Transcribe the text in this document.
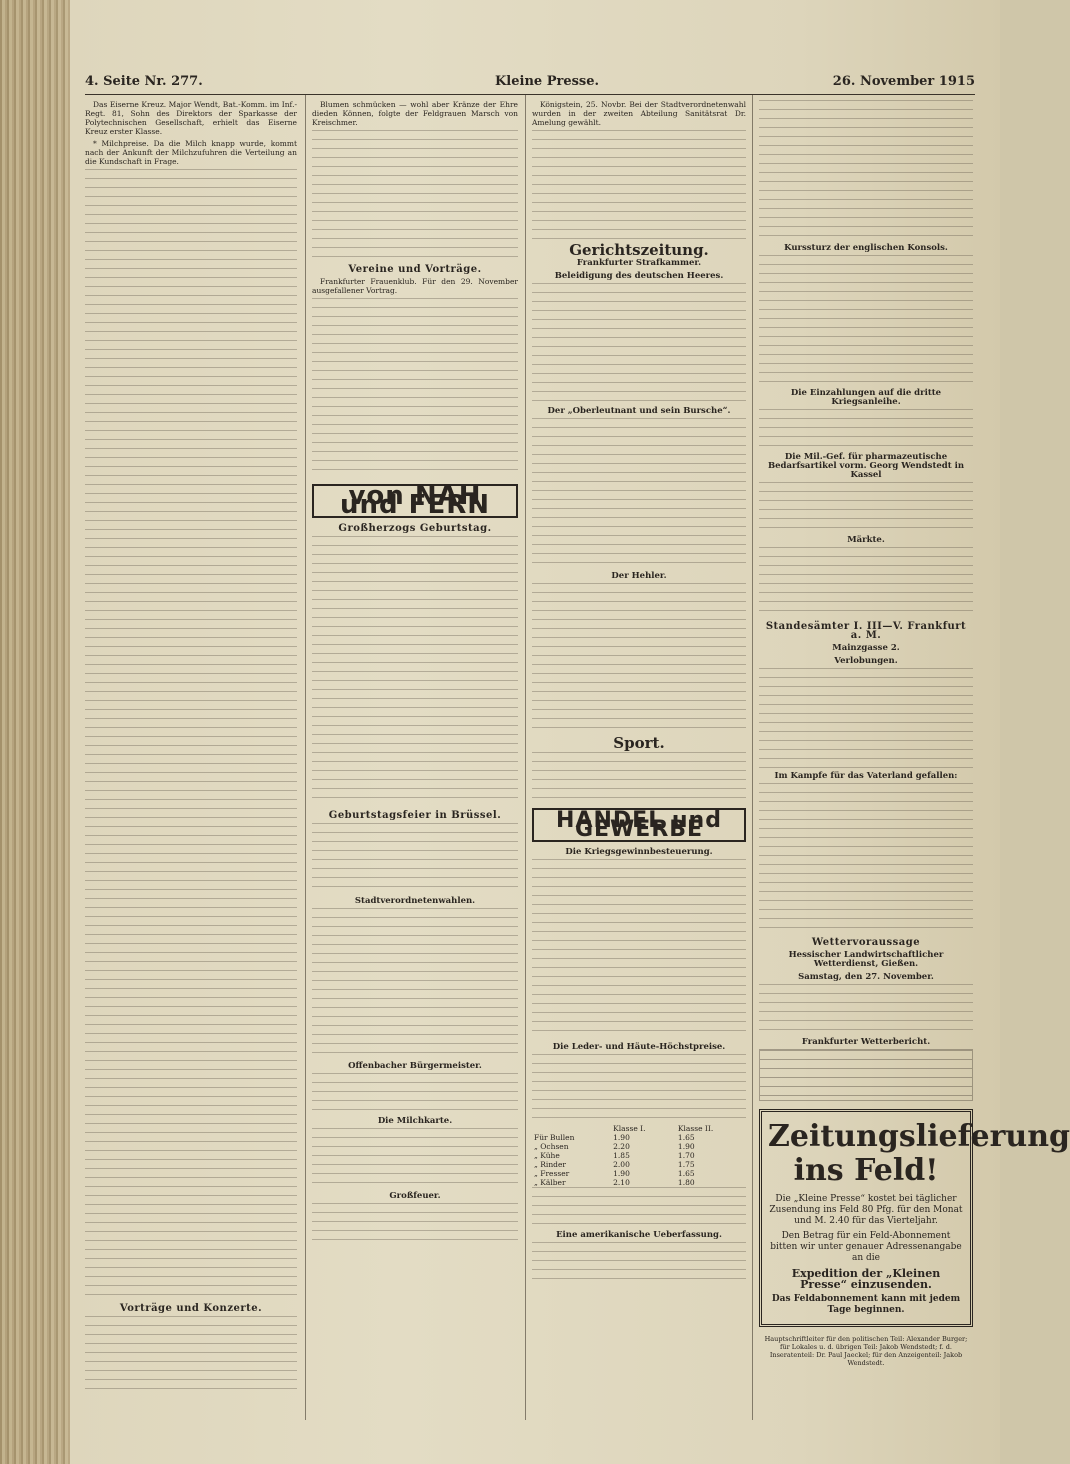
4. Seite Nr. 277.	Kleine Presse.	26. November 1915

Das Eiserne Kreuz. Major Wendt, Bat.-Komm. im Inf.-Regt. 81, Sohn des Direktors der Sparkasse der Polytechnischen Gesellschaft, erhielt das Eiserne Kreuz erster Klasse.

* Milchpreise. Da die Milch knapp wurde, kommt nach der Ankunft der Milchzufuhren die Verteilung an die Kundschaft in Frage.

Vorträge und Konzerte.

Blumen schmücken — wohl aber Kränze der Ehre dieden Können, folgte der Feldgrauen Marsch von Kreischmer.

Vereine und Vorträge.

Frankfurter Frauenklub. Für den 29. November ausgefallener Vortrag.

von NAH und FERN
Großherzogs Geburtstag.
Geburtstagsfeier in Brüssel.
Stadtverordnetenwahlen.
Offenbacher Bürgermeister.
Die Milchkarte.
Großfeuer.

Königstein, 25. Novbr. Bei der Stadtverordnetenwahl wurden in der zweiten Abteilung Sanitätsrat Dr. Amelung gewählt.

Gerichtszeitung.
Frankfurter Strafkammer.
Beleidigung des deutschen Heeres.
Der „Oberleutnant und sein Bursche“.
Der Hehler.
Sport.
HANDEL und GEWERBE
Die Kriegsgewinnbesteuerung.
Die Leder- und Häute-Höchstpreise.
	Klasse I.	Klasse II.
Für Bullen	1.90	1.65
„ Ochsen	2.20	1.90
„ Kühe	1.85	1.70
„ Rinder	2.00	1.75
„ Fresser	1.90	1.65
„ Kälber	2.10	1.80
Eine amerikanische Ueberfassung.
Kurssturz der englischen Konsols.
Die Einzahlungen auf die dritte Kriegsanleihe.
Die Mil.-Gef. für pharmazeutische Bedarfsartikel vorm. Georg Wendstedt in Kassel
Märkte.
Standesämter I. III—V. Frankfurt a. M.
Mainzgasse 2.
Verlobungen.
Im Kampfe für das Vaterland gefallen:
Wettervoraussage
Hessischer Landwirtschaftlicher Wetterdienst, Gießen.
Samstag, den 27. November.
Frankfurter Wetterbericht.
Zeitungslieferung ins Feld!
Die „Kleine Presse“ kostet bei täglicher Zusendung ins Feld 80 Pfg. für den Monat und M. 2.40 für das Vierteljahr.
Den Betrag für ein Feld-Abonnement bitten wir unter genauer Adressenangabe an die
Expedition der „Kleinen Presse“ einzusenden.
Das Feldabonnement kann mit jedem Tage beginnen.
Hauptschriftleiter für den politischen Teil: Alexander Burger; für Lokales u. d. übrigen Teil: Jakob Wendstedt; f. d. Inseratenteil: Dr. Paul Jaeckel; für den Anzeigenteil: Jakob Wendstedt.
